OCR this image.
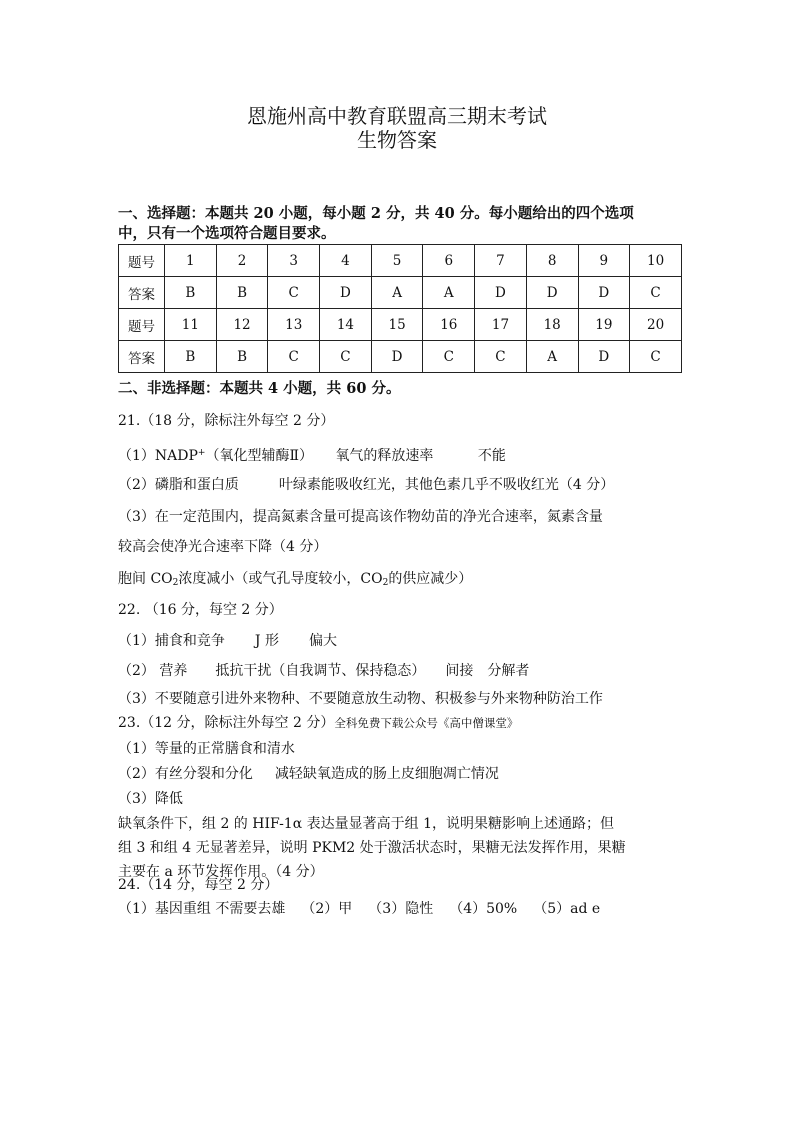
恩施州高中教育联盟高三期末考试
生物答案
一、选择题：本题共 20 小题，每小题 2 分，共 40 分。每小题给出的四个选项
中，只有一个选项符合题目要求。
题号	1	2	3	4	5	6	7	8	9	10
答案	B	B	C	D	A	A	D	D	D	C
题号	11	12	13	14	15	16	17	18	19	20
答案	B	B	C	C	D	C	C	A	D	C
二、非选择题：本题共 4 小题，共 60 分。
21.（18 分，除标注外每空 2 分）
（1）NADP+（氧化型辅酶Ⅱ） 氧气的释放速率	不能
（2）磷脂和蛋白质	叶绿素能吸收红光，其他色素几乎不吸收红光（4 分）
（3）在一定范围内，提高氮素含量可提高该作物幼苗的净光合速率，氮素含量
较高会使净光合速率下降（4 分）
胞间 $CO_2$浓度减小（或气孔导度较小，$CO_2$的供应减少）
22. （16 分，每空 2 分）
（1）捕食和竞争 J 形 偏大
（2） 营养 抵抗干扰（自我调节、保持稳态） 间接 分解者
（3）不要随意引进外来物种、不要随意放生动物、积极参与外来物种防治工作
23.（12 分，除标注外每空 2 分）全科免费下载公众号《高中僧课堂》
（1）等量的正常膳食和清水
（2）有丝分裂和分化 减轻缺氧造成的肠上皮细胞凋亡情况
（3）降低
缺氧条件下，组 2 的 HIF-1α 表达量显著高于组 1，说明果糖影响上述通路；但
组 3 和组 4 无显著差异，说明 PKM2 处于激活状态时，果糖无法发挥作用，果糖
主要在 a 环节发挥作用。（4 分）
24.（14 分，每空 2 分）
（1）基因重组 不需要去雄 （2）甲 （3）隐性 （4）50% （5）ad e
